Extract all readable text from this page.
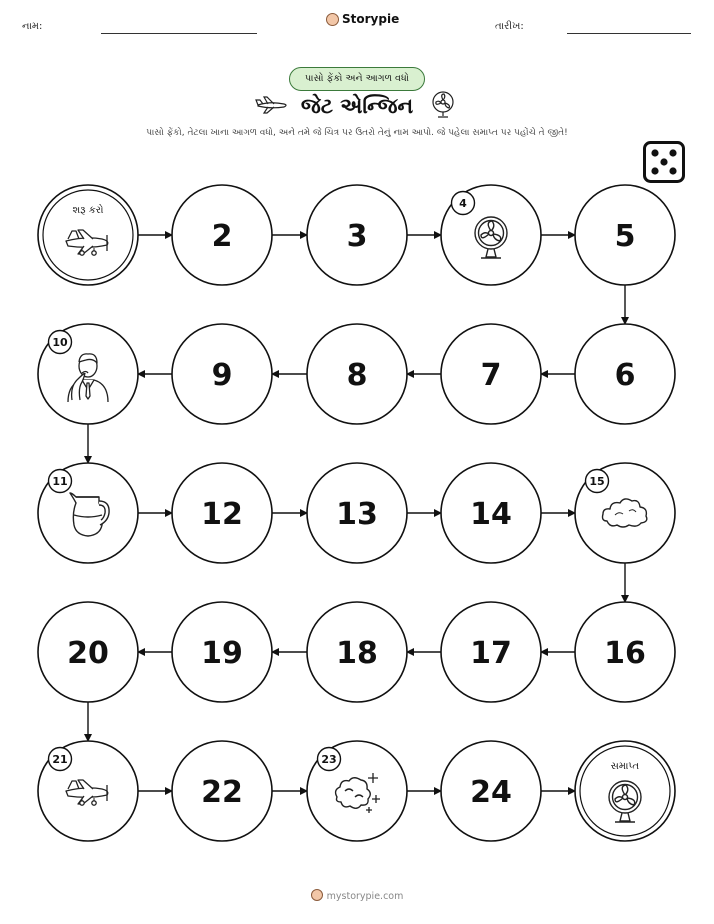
નામ:
Storypie
તારીખ:
પાસો ફેંકો અને આગળ વધો
જેટ એન્જિન
પાસો ફેંકો, તેટલા ખાના આગળ વધો, અને તમે જે ચિત્ર પર ઉતરો તેનું નામ આપો. જે પહેલા સમાપ્ત પર પહોંચે તે જીતે!
શરૂ કરો
2	3
4
5
6
7
8
9
10
11
12	13	14
15
16
17
18
19
20
21
22
23
24
સમાપ્ત
mystorypie.com
